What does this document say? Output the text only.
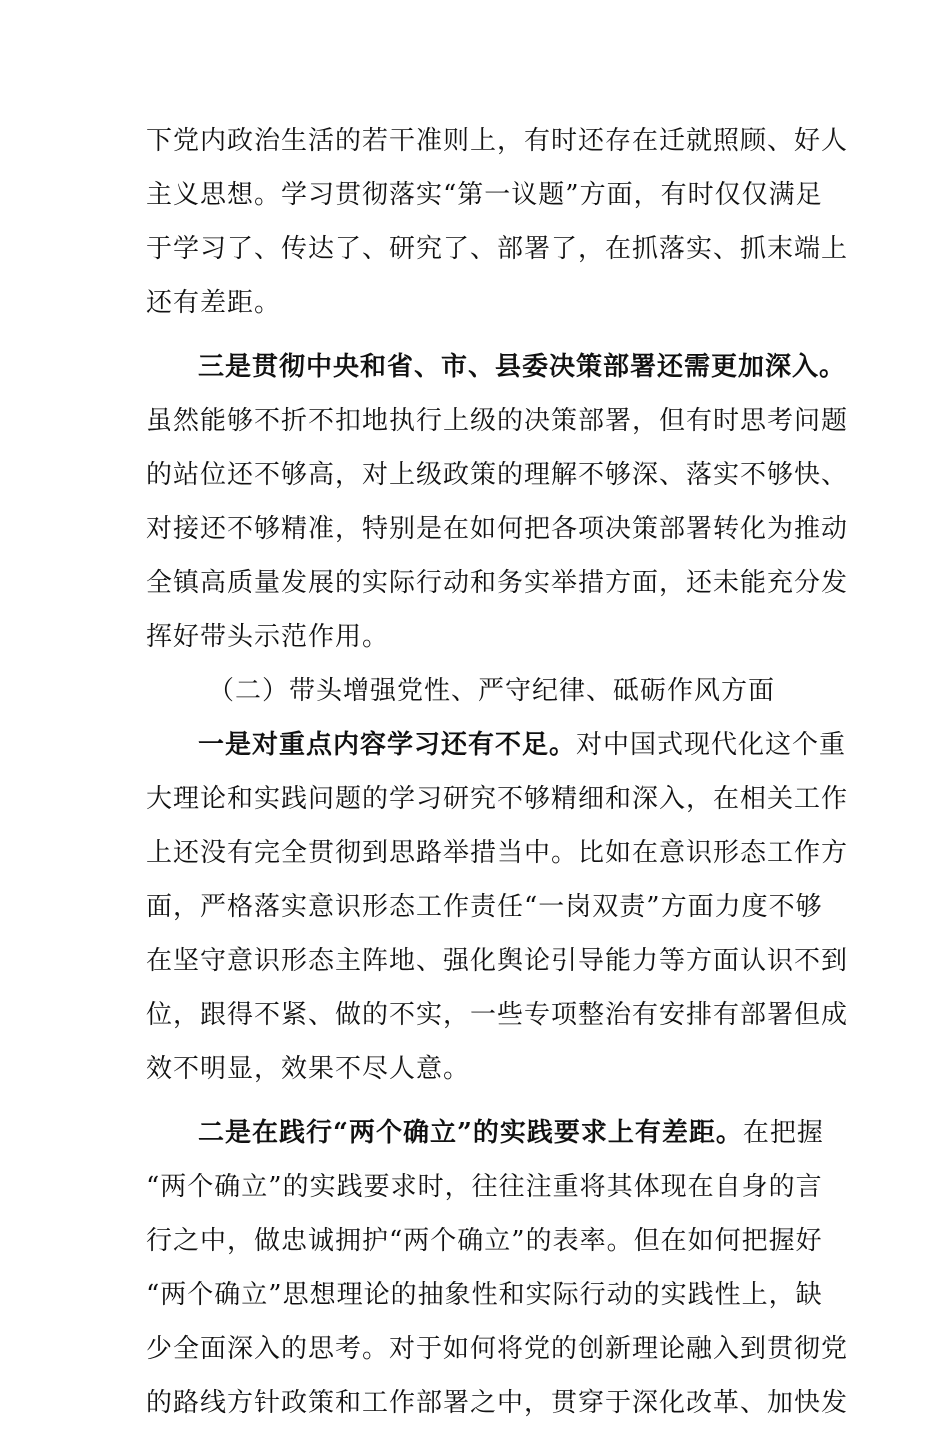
下党内政治生活的若干准则上，有时还存在迁就照顾、好人
主义思想。学习贯彻落实“第一议题”方面，有时仅仅满足
于学习了、传达了、研究了、部署了，在抓落实、抓末端上
还有差距。
三是贯彻中央和省、市、县委决策部署还需更加深入。
虽然能够不折不扣地执行上级的决策部署，但有时思考问题
的站位还不够高，对上级政策的理解不够深、落实不够快、
对接还不够精准，特别是在如何把各项决策部署转化为推动
全镇高质量发展的实际行动和务实举措方面，还未能充分发
挥好带头示范作用。
（二）带头增强党性、严守纪律、砥砺作风方面
一是对重点内容学习还有不足。对中国式现代化这个重
大理论和实践问题的学习研究不够精细和深入，在相关工作
上还没有完全贯彻到思路举措当中。比如在意识形态工作方
面，严格落实意识形态工作责任“一岗双责”方面力度不够
在坚守意识形态主阵地、强化舆论引导能力等方面认识不到
位，跟得不紧、做的不实，一些专项整治有安排有部署但成
效不明显，效果不尽人意。
二是在践行“两个确立”的实践要求上有差距。在把握
“两个确立”的实践要求时，往往注重将其体现在自身的言
行之中，做忠诚拥护“两个确立”的表率。但在如何把握好
“两个确立”思想理论的抽象性和实际行动的实践性上，缺
少全面深入的思考。对于如何将党的创新理论融入到贯彻党
的路线方针政策和工作部署之中，贯穿于深化改革、加快发
